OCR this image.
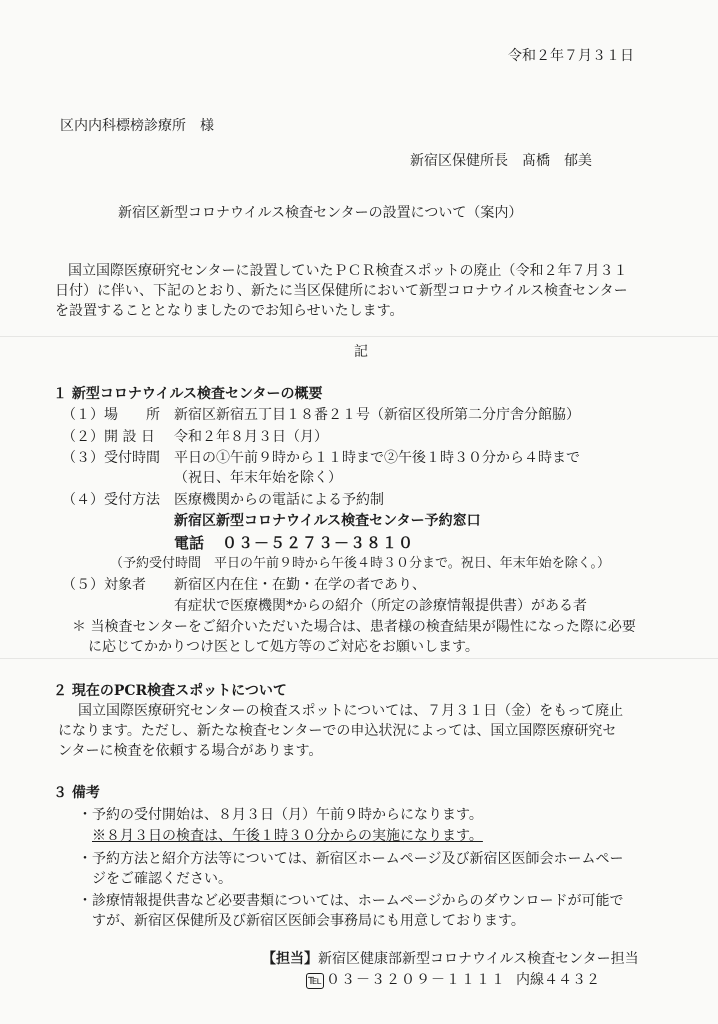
令和２年７月３１日
区内内科標榜診療所　様
新宿区保健所長　髙橋　郁美
新宿区新型コロナウイルス検査センターの設置について（案内）
国立国際医療研究センターに設置していたＰＣＲ検査スポットの廃止（令和２年７月３１
日付）に伴い、下記のとおり、新たに当区保健所において新型コロナウイルス検査センター
を設置することとなりましたのでお知らせいたします。
記
１ 新型コロナウイルス検査センターの概要
（１）場　　所 新宿区新宿五丁目１８番２１号（新宿区役所第二分庁舎分館脇）
（２）開 設 日 令和２年８月３日（月）
（３）受付時間 平日の①午前９時から１１時まで②午後１時３０分から４時まで
（祝日、年末年始を除く）
（４）受付方法 医療機関からの電話による予約制
新宿区新型コロナウイルス検査センター予約窓口
電話 ０３－５２７３－３８１０
（予約受付時間　平日の午前９時から午後４時３０分まで。祝日、年末年始を除く。）
（５）対象者 新宿区内在住・在勤・在学の者であり、
有症状で医療機関*からの紹介（所定の診療情報提供書）がある者
＊ 当検査センターをご紹介いただいた場合は、患者様の検査結果が陽性になった際に必要
に応じてかかりつけ医として処方等のご対応をお願いします。
２ 現在のPCR検査スポットについて
国立国際医療研究センターの検査スポットについては、７月３１日（金）をもって廃止
になります。ただし、新たな検査センターでの申込状況によっては、国立国際医療研究セ
ンターに検査を依頼する場合があります。
３ 備考
・予約の受付開始は、８月３日（月）午前９時からになります。
※８月３日の検査は、午後１時３０分からの実施になります。
・予約方法と紹介方法等については、新宿区ホームページ及び新宿区医師会ホームペー
ジをご確認ください。
・診療情報提供書など必要書類については、ホームページからのダウンロードが可能で
すが、新宿区保健所及び新宿区医師会事務局にも用意しております。
【担当】新宿区健康部新型コロナウイルス検査センター担当
℡ ０３－３２０９－１１１１ 内線４４３２
